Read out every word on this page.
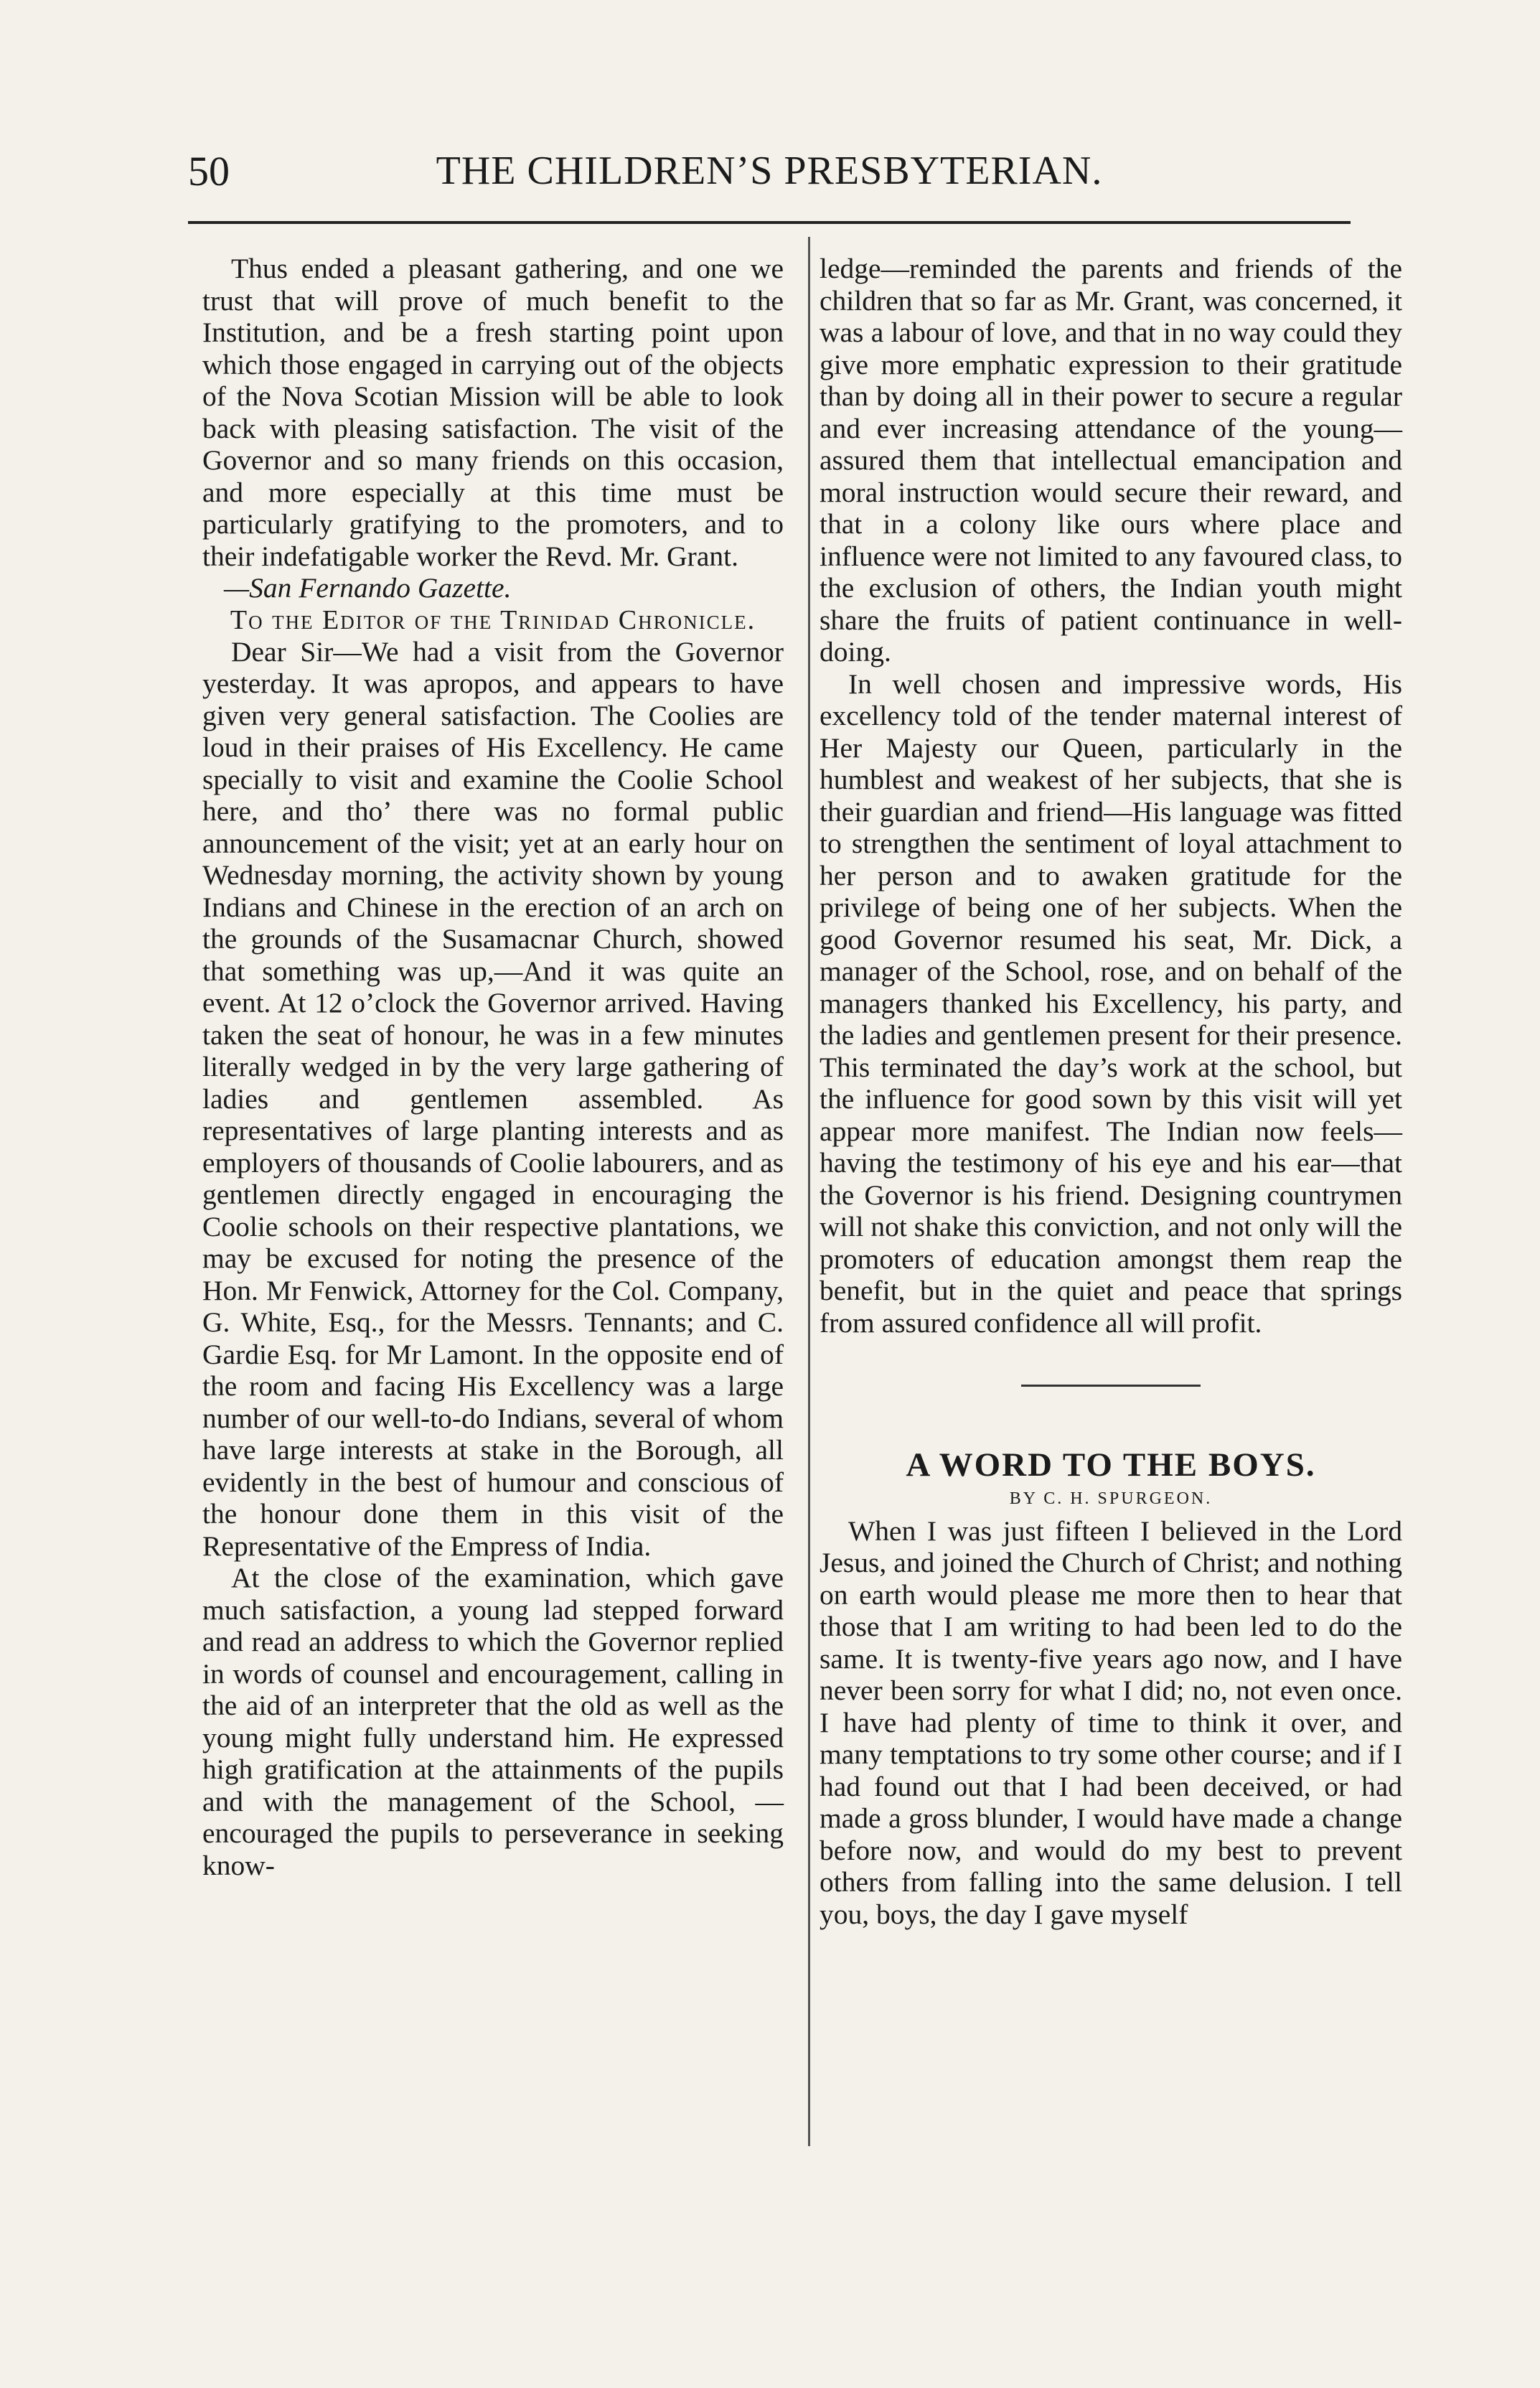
50	THE CHILDREN’S PRESBYTERIAN.

Thus ended a pleasant gathering, and one we trust that will prove of much benefit to the Institution, and be a fresh starting point upon which those engaged in carrying out of the objects of the Nova Scotian Mission will be able to look back with pleasing satisfaction. The visit of the Governor and so many friends on this occasion, and more especially at this time must be particularly gratifying to the promoters, and to their indefatigable worker the Revd. Mr. Grant.

—San Fernando Gazette.

To the Editor of the Trinidad Chronicle.

Dear Sir—We had a visit from the Governor yesterday. It was apropos, and appears to have given very general satisfaction. The Coolies are loud in their praises of His Excellency. He came specially to visit and examine the Coolie School here, and tho’ there was no formal public announcement of the visit; yet at an early hour on Wednesday morning, the activity shown by young Indians and Chinese in the erection of an arch on the grounds of the Susamacnar Church, showed that something was up,—And it was quite an event. At 12 o’clock the Governor arrived. Having taken the seat of honour, he was in a few minutes literally wedged in by the very large gathering of ladies and gentlemen assembled. As representatives of large planting interests and as employers of thousands of Coolie labourers, and as gentlemen directly engaged in encouraging the Coolie schools on their respective plantations, we may be excused for noting the presence of the Hon. Mr Fenwick, Attorney for the Col. Company, G. White, Esq., for the Messrs. Tennants; and C. Gardie Esq. for Mr Lamont. In the opposite end of the room and facing His Excellency was a large number of our well-to-do Indians, several of whom have large interests at stake in the Borough, all evidently in the best of humour and conscious of the honour done them in this visit of the Representative of the Empress of India.

At the close of the examination, which gave much satisfaction, a young lad stepped forward and read an address to which the Governor replied in words of counsel and encouragement, calling in the aid of an interpreter that the old as well as the young might fully understand him. He expressed high gratification at the attainments of the pupils and with the management of the School, — encouraged the pupils to perseverance in seeking know-

ledge—reminded the parents and friends of the children that so far as Mr. Grant, was concerned, it was a labour of love, and that in no way could they give more emphatic expression to their gratitude than by doing all in their power to secure a regular and ever increasing attendance of the young—assured them that intellectual emancipation and moral instruction would secure their reward, and that in a colony like ours where place and influence were not limited to any favoured class, to the exclusion of others, the Indian youth might share the fruits of patient continuance in well-doing.

In well chosen and impressive words, His excellency told of the tender maternal interest of Her Majesty our Queen, particularly in the humblest and weakest of her subjects, that she is their guardian and friend—His language was fitted to strengthen the sentiment of loyal attachment to her person and to awaken gratitude for the privilege of being one of her subjects. When the good Governor resumed his seat, Mr. Dick, a manager of the School, rose, and on behalf of the managers thanked his Excellency, his party, and the ladies and gentlemen present for their presence. This terminated the day’s work at the school, but the influence for good sown by this visit will yet appear more manifest. The Indian now feels—having the testimony of his eye and his ear—that the Governor is his friend. Designing countrymen will not shake this conviction, and not only will the promoters of education amongst them reap the benefit, but in the quiet and peace that springs from assured confidence all will profit.

A WORD TO THE BOYS.

BY C. H. SPURGEON.

When I was just fifteen I believed in the Lord Jesus, and joined the Church of Christ; and nothing on earth would please me more then to hear that those that I am writing to had been led to do the same. It is twenty-five years ago now, and I have never been sorry for what I did; no, not even once. I have had plenty of time to think it over, and many temptations to try some other course; and if I had found out that I had been deceived, or had made a gross blunder, I would have made a change before now, and would do my best to prevent others from falling into the same delusion. I tell you, boys, the day I gave myself
